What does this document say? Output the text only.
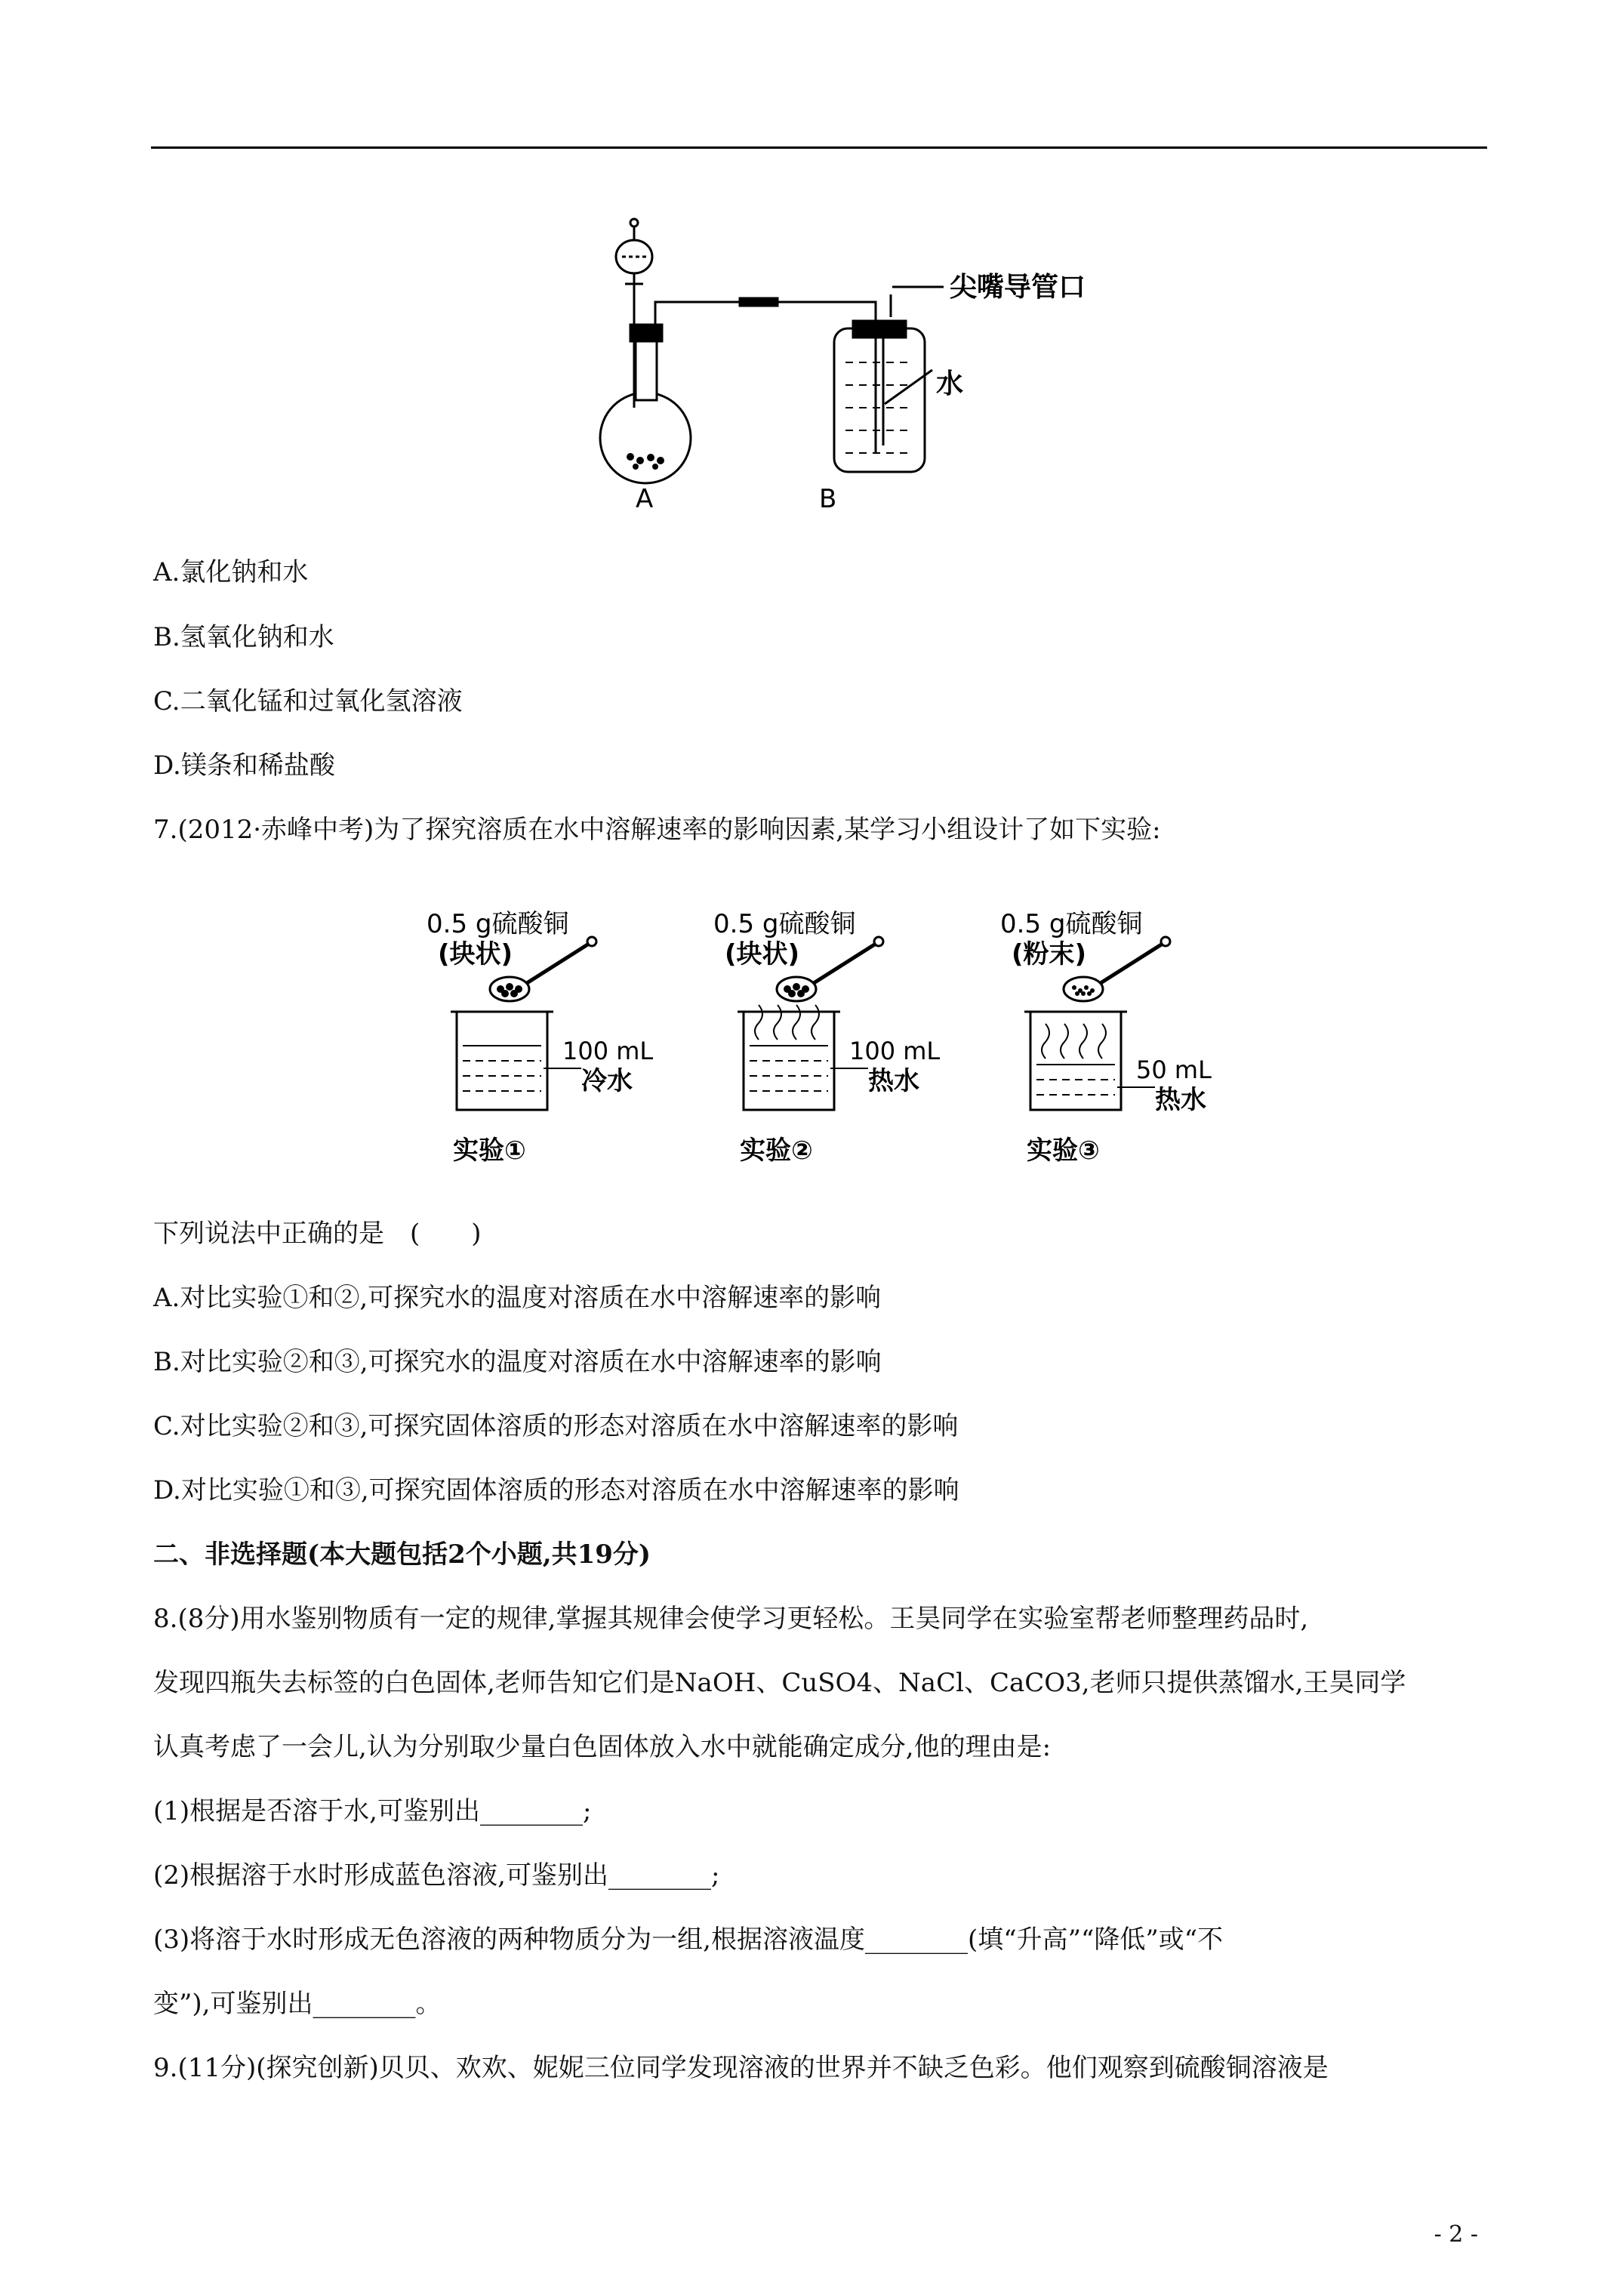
尖嘴导管口
水
A	B
A.氯化钠和水
B.氢氧化钠和水
C.二氧化锰和过氧化氢溶液
D.镁条和稀盐酸
7.(2012·赤峰中考)为了探究溶质在水中溶解速率的影响因素,某学习小组设计了如下实验:
0.5 g硫酸铜
(块状)
100 mL
冷水
实验①
0.5 g硫酸铜
(块状)
100 mL
热水
实验②
0.5 g硫酸铜
(粉末)
50 mL
热水
实验③
下列说法中正确的是　(　　)
A.对比实验①和②,可探究水的温度对溶质在水中溶解速率的影响
B.对比实验②和③,可探究水的温度对溶质在水中溶解速率的影响
C.对比实验②和③,可探究固体溶质的形态对溶质在水中溶解速率的影响
D.对比实验①和③,可探究固体溶质的形态对溶质在水中溶解速率的影响
二、非选择题(本大题包括2个小题,共19分)
8.(8分)用水鉴别物质有一定的规律,掌握其规律会使学习更轻松。王昊同学在实验室帮老师整理药品时,
发现四瓶失去标签的白色固体,老师告知它们是NaOH、CuSO4、NaCl、CaCO3,老师只提供蒸馏水,王昊同学
认真考虑了一会儿,认为分别取少量白色固体放入水中就能确定成分,他的理由是:
(1)根据是否溶于水,可鉴别出________;
(2)根据溶于水时形成蓝色溶液,可鉴别出________;
(3)将溶于水时形成无色溶液的两种物质分为一组,根据溶液温度________(填“升高”“降低”或“不
变”),可鉴别出________。
9.(11分)(探究创新)贝贝、欢欢、妮妮三位同学发现溶液的世界并不缺乏色彩。他们观察到硫酸铜溶液是
- 2 -
